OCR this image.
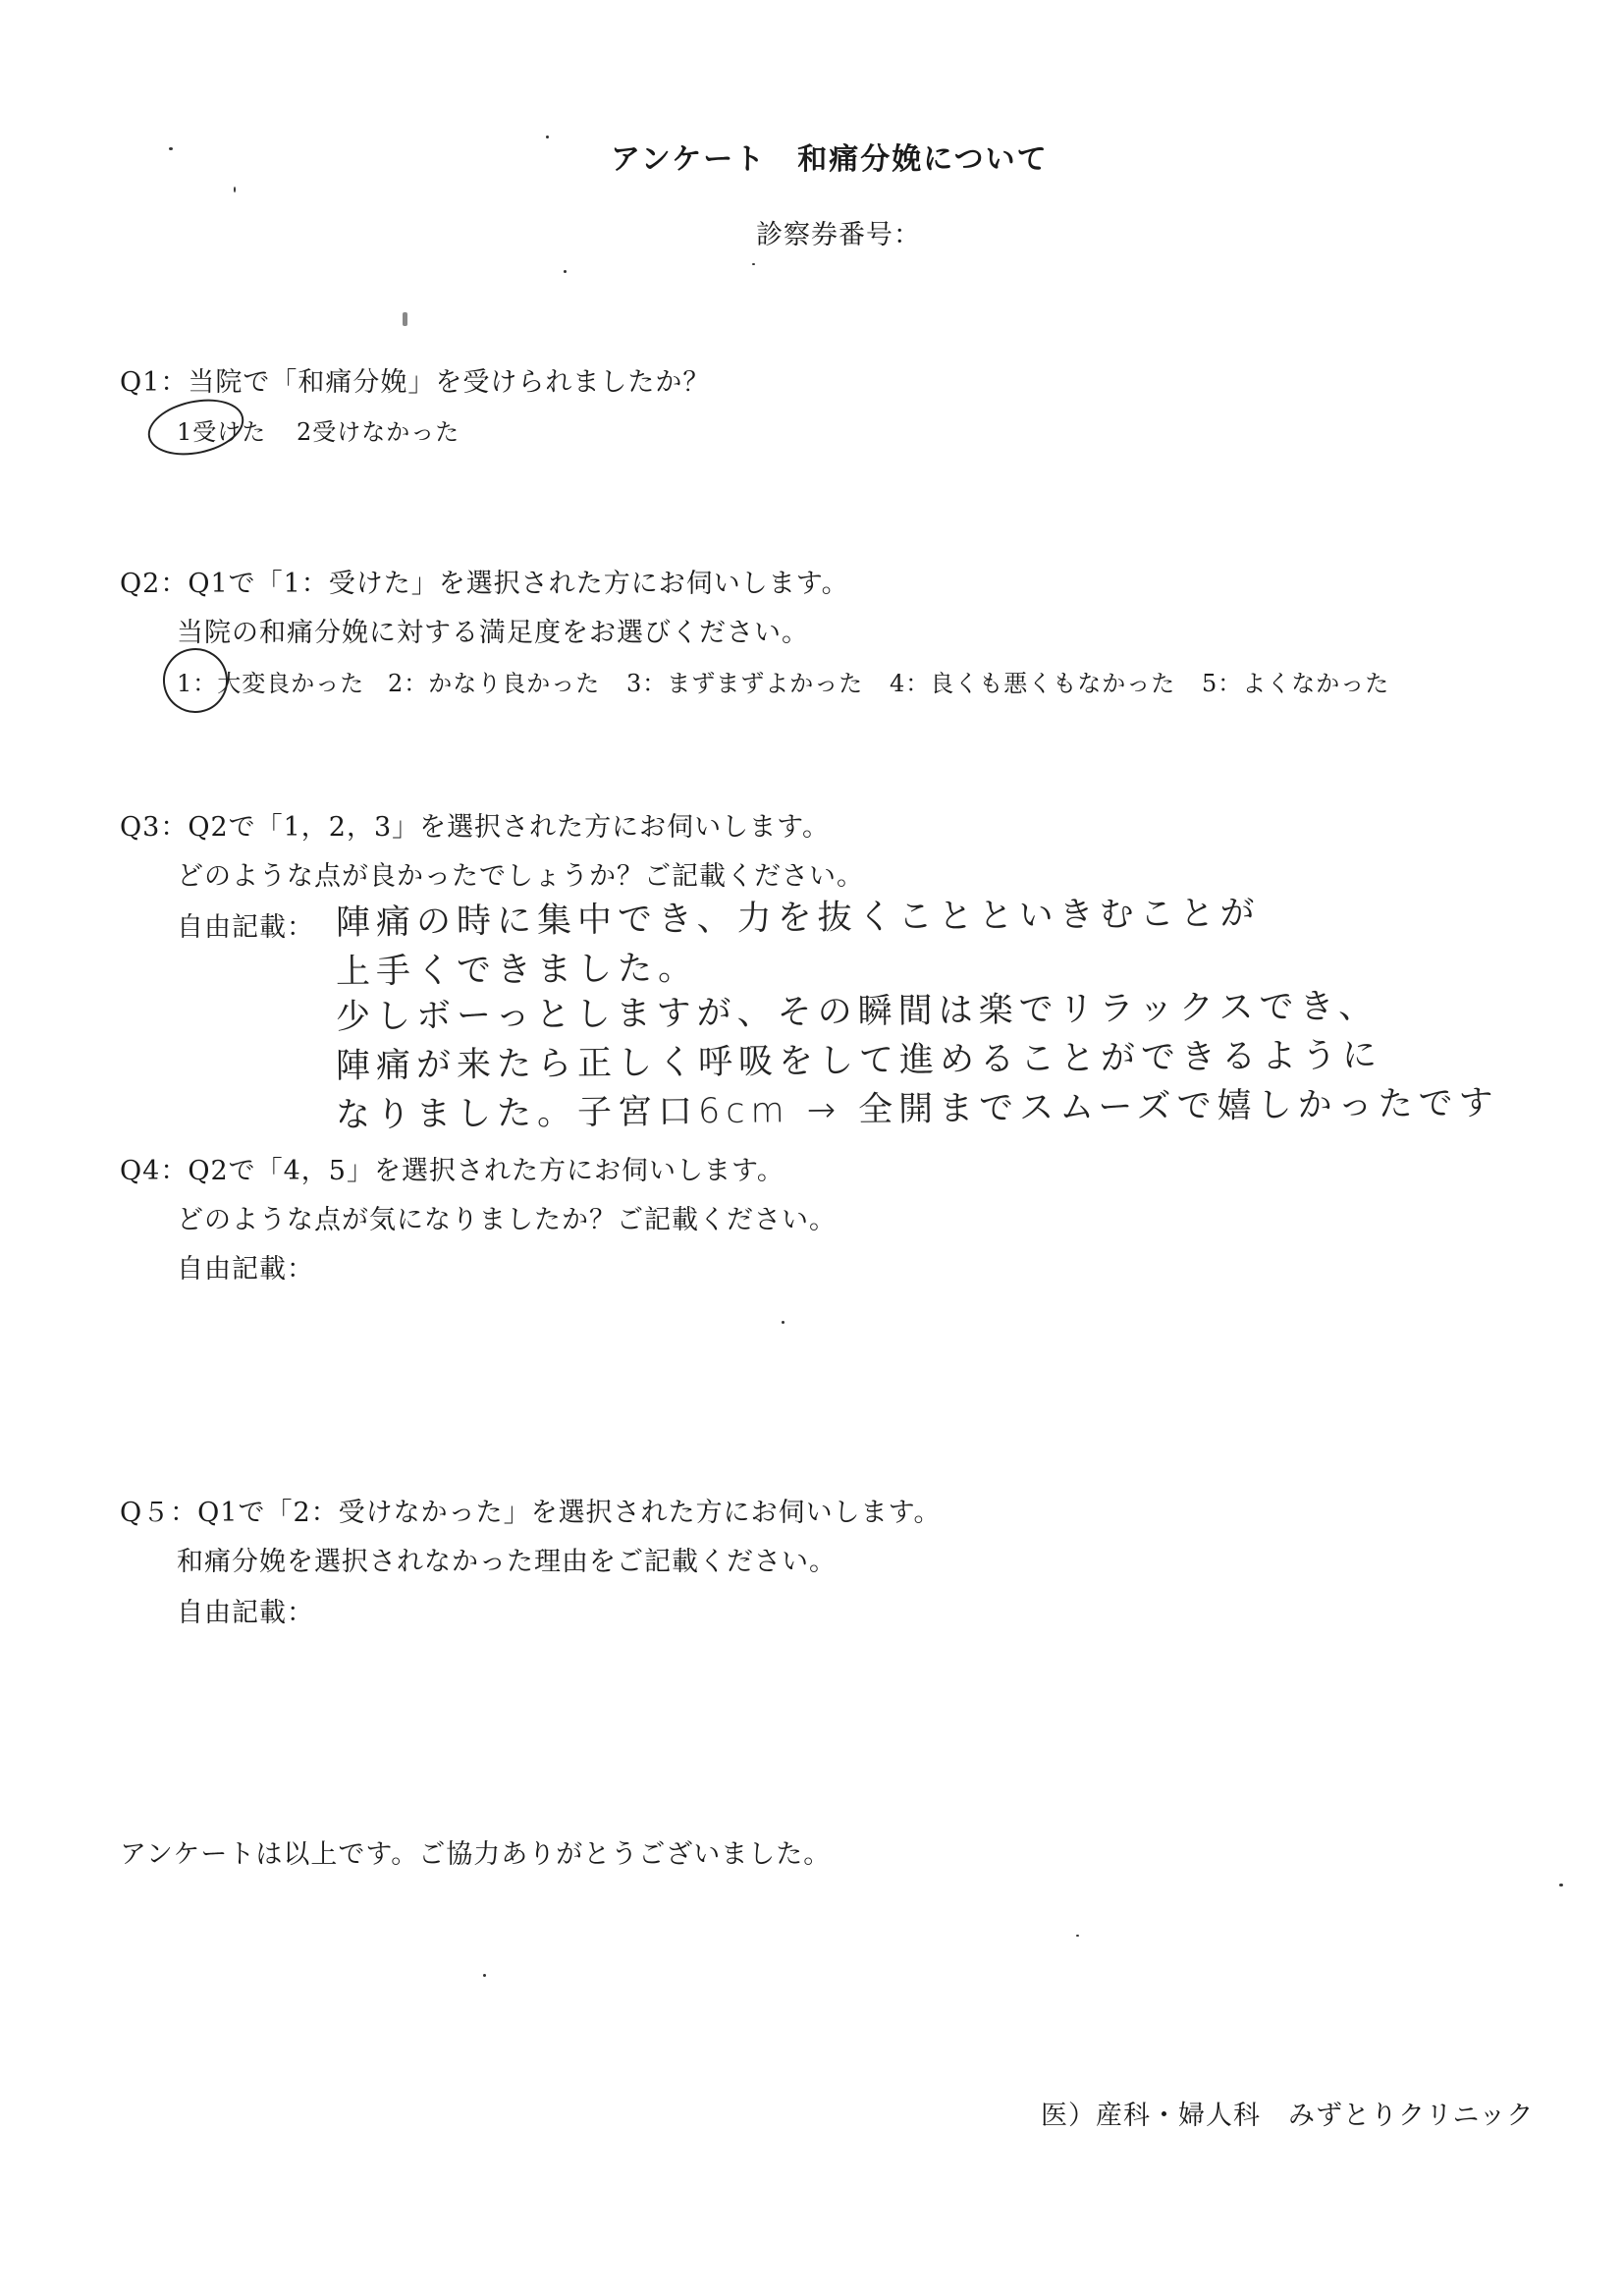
アンケート　和痛分娩について
診察券番号：
Q1：当院で「和痛分娩」を受けられましたか？
1受けた 2受けなかった
Q2：Q1で「1：受けた」を選択された方にお伺いします。
当院の和痛分娩に対する満足度をお選びください。
1：大変良かった 2：かなり良かった 3：まずまずよかった 4：良くも悪くもなかった 5：よくなかった
Q3：Q2で「1，2，3」を選択された方にお伺いします。
どのような点が良かったでしょうか？ご記載ください。
自由記載： 陣痛の時に集中でき、力を抜くことといきむことが
上手くできました。
少しボーっとしますが、その瞬間は楽でリラックスでき、
陣痛が来たら正しく呼吸をして進めることができるように
なりました。子宮口6cm → 全開までスムーズで嬉しかったです
Q4：Q2で「4，5」を選択された方にお伺いします。
どのような点が気になりましたか？ご記載ください。
自由記載：
Q５：Q1で「2：受けなかった」を選択された方にお伺いします。
和痛分娩を選択されなかった理由をご記載ください。
自由記載：
アンケートは以上です。ご協力ありがとうございました。
医）産科・婦人科　みずとりクリニック
